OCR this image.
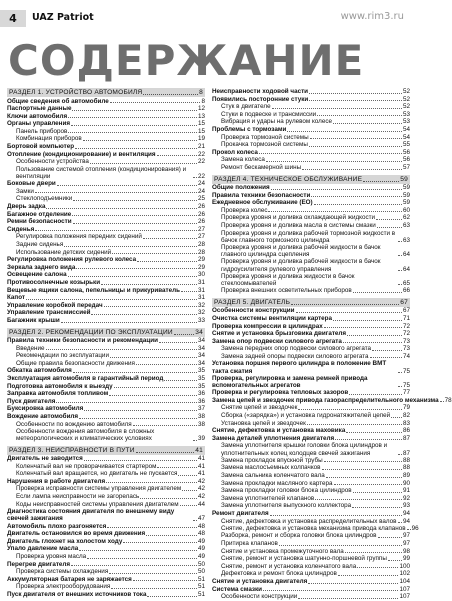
4	UAZ Patriot	www.rim3.ru
СОДЕРЖАНИЕ
РАЗДЕЛ 1. УСТРОЙСТВО АВТОМОБИЛЯ	8
Общие сведения об автомобиле	8
Паспортные данные	12
Ключи автомобиля	13
Органы управления	15
Панель приборов	15
Комбинация приборов	19
Бортовой компьютер	21
Отопление (кондиционирование) и вентиляция	22
Особенности устройства	22
Пользование системой отопления (кондиционирования) и вентиляции	22
Боковые двери	24
Замки	24
Стеклоподъемники	25
Дверь задка	26
Багажное отделение	26
Ремни безопасности	26
Сиденья	27
Регулировка положения передних сидений	27
Задние сиденья	28
Использование детских сидений	28
Регулировка положения рулевого колеса	29
Зеркала заднего вида	29
Освещение салона	30
Противосолнечные козырьки	31
Вещевые ящики салона, пепельницы и прикуриватель	31
Капот	31
Управление коробкой передач	32
Управление трансмиссией	32
Багажник крыши	33
РАЗДЕЛ 2. РЕКОМЕНДАЦИИ ПО ЭКСПЛУАТАЦИИ	34
Правила техники безопасности и рекомендации	34
Введение	34
Рекомендации по эксплуатации	34
Общие правила безопасности движения	34
Обкатка автомобиля	35
Эксплуатация автомобиля в гарантийный период	35
Подготовка автомобиля к выезду	35
Заправка автомобиля топливом	36
Пуск двигателя	36
Буксировка автомобиля	37
Вождение автомобиля	38
Особенности по вождению автомобиля	38
Особенности вождения автомобиля в сложных метеорологических и климатических условиях	39
РАЗДЕЛ 3. НЕИСПРАВНОСТИ В ПУТИ	41
Двигатель не заводится	41
Коленчатый вал не проворачивается стартером	41
Коленчатый вал вращается, но двигатель не пускается	41
Нарушения в работе двигателя	42
Проверка исправности системы управления двигателем	42
Если лампа неисправности не загорелась	42
Коды неисправностей системы управления двигателем	44
Диагностика состояния двигателя по внешнему виду свечей зажигания	47
Автомобиль плохо разгоняется	48
Двигатель остановился во время движения	48
Двигатель глохнет на холостом ходу	49
Упало давление масла	49
Проверка уровня масла	49
Перегрев двигателя	50
Проверка системы охлаждения	50
Аккумуляторная батарея не заряжается	51
Проверка электрооборудования	51
Пуск двигателя от внешних источников тока	51
Неисправности ходовой части	52
Появились посторонние стуки	52
Стук в двигателе	52
Стуки в подвеске и трансмиссии	53
Вибрация и удары на рулевом колесе	53
Проблемы с тормозами	54
Проверка тормозной системы	54
Прокачка тормозной системы	55
Прокол колеса	56
Замена колеса	56
Ремонт бескамерной шины	57
РАЗДЕЛ 4. ТЕХНИЧЕСКОЕ ОБСЛУЖИВАНИЕ	59
Общие положения	59
Правила техники безопасности	59
Ежедневное обслуживание (ЕО)	59
Проверка колес	60
Проверка уровня и доливка охлаждающей жидкости	62
Проверка уровня и доливка масла в системы смазки	63
Проверка уровня и доливка рабочей тормозной жидкости в бачок главного тормозного цилиндра	63
Проверка уровня и доливка рабочей жидкости в бачок главного цилиндра сцепления	64
Проверка уровня и доливка рабочей жидкости в бачок гидроусилителя рулевого управления	64
Проверка уровня и доливка жидкости в бачок стеклоомывателей	65
Проверка внешних осветительных приборов	66
РАЗДЕЛ 5. ДВИГАТЕЛЬ	67
Особенности конструкции	67
Очистка системы вентиляции картера	71
Проверка компрессии в цилиндрах	72
Снятие и установка брызговика двигателя	72
Замена опор подвески силового агрегата	73
Замена передних опор подвески силового агрегата	73
Замена задней опоры подвески силового агрегата	74
Установка поршня первого цилиндра в положение ВМТ такта сжатия	75
Проверка, регулировка и замена ремней привода вспомогательных агрегатов	75
Проверка и регулировка тепловых зазоров	77
Замена цепей и звездочек привода газораспределительного механизма 78
Снятие цепей и звездочек	79
Сборка («зарядка») и установка гидронатяжителей цепей 82
Установка цепей и звездочек	83
Снятие, дефектовка и установка маховика	86
Замена деталей уплотнения двигателя	87
Замена уплотнителя крышки головки блока цилиндров и уплотнительных колец колодцев свечей зажигания	87
Замена прокладок впускной трубы	88
Замена маслосъемных колпачков	88
Замена сальника коленчатого вала	89
Замена прокладки масляного картера	90
Замена прокладки головки блока цилиндров	91
Замена уплотнителей клапанов	92
Замена уплотнителя выпускного коллектора	93
Ремонт двигателя	94
Снятие, дефектовка и установка распределительных валов 94
Снятие, дефектовка и установка механизма привода клапанов 96
Разборка, ремонт и сборка головки блока цилиндров	97
Притирка клапанов	97
Снятие и установка промежуточного вала	98
Снятие, ремонт и установка шатунно-поршневой группы	99
Снятие, ремонт и установка коленчатого вала	100
Дефектовка и ремонт блока цилиндров	102
Снятие и установка двигателя	104
Система смазки	107
Особенности конструкции	107
